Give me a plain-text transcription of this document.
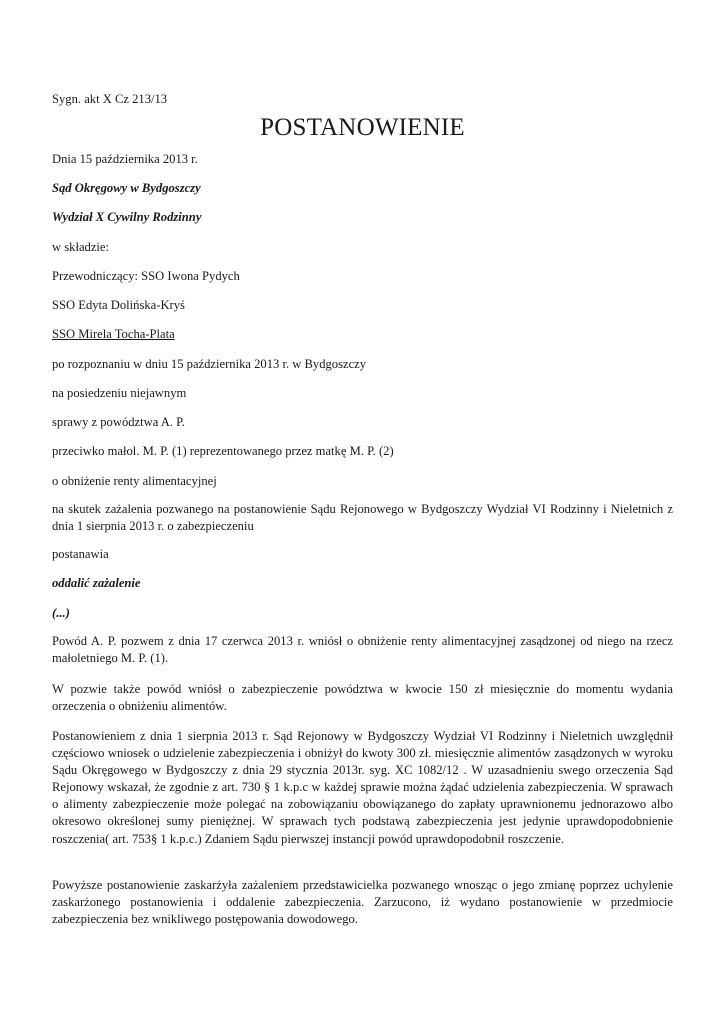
Sygn. akt X Cz 213/13

POSTANOWIENIE

Dnia 15 października 2013 r.

Sąd Okręgowy w Bydgoszczy

Wydział X Cywilny Rodzinny

w składzie:

Przewodniczący: SSO Iwona Pydych

SSO Edyta Dolińska-Kryś

SSO Mirela Tocha-Plata

po rozpoznaniu w dniu 15 października 2013 r. w Bydgoszczy

na posiedzeniu niejawnym

sprawy z powództwa A. P.

przeciwko małol. M. P. (1) reprezentowanego przez matkę M. P. (2)

o obniżenie renty alimentacyjnej

na skutek zażalenia pozwanego na postanowienie Sądu Rejonowego w Bydgoszczy Wydział VI Rodzinny i Nieletnich z dnia 1 sierpnia 2013 r. o zabezpieczeniu

postanawia

oddalić zażalenie

(...)

Powód A. P. pozwem z dnia 17 czerwca 2013 r. wniósł o obniżenie renty alimentacyjnej zasądzonej od niego na rzecz małoletniego M. P. (1).

W pozwie także powód wniósł o zabezpieczenie powództwa w kwocie 150 zł miesięcznie do momentu wydania orzeczenia o obniżeniu alimentów.

Postanowieniem z dnia 1 sierpnia 2013 r. Sąd Rejonowy w Bydgoszczy Wydział VI Rodzinny i Nieletnich uwzględnił częściowo wniosek o udzielenie zabezpieczenia i obniżył do kwoty 300 zł. miesięcznie alimentów zasądzonych w wyroku Sądu Okręgowego w Bydgoszczy z dnia 29 stycznia 2013r. syg. XC 1082/12 . W uzasadnieniu swego orzeczenia Sąd Rejonowy wskazał, że zgodnie z art. 730 § 1 k.p.c w każdej sprawie można żądać udzielenia zabezpieczenia. W sprawach o alimenty zabezpieczenie może polegać na zobowiązaniu obowiązanego do zapłaty uprawnionemu jednorazowo albo okresowo określonej sumy pieniężnej. W sprawach tych podstawą zabezpieczenia jest jedynie uprawdopodobnienie roszczenia( art. 753§ 1 k.p.c.) Zdaniem Sądu pierwszej instancji powód uprawdopodobnił roszczenie.

Powyższe postanowienie zaskarżyła zażaleniem przedstawicielka pozwanego wnosząc o jego zmianę poprzez uchylenie zaskarżonego postanowienia i oddalenie zabezpieczenia. Zarzucono, iż wydano postanowienie w przedmiocie zabezpieczenia bez wnikliwego postępowania dowodowego.
